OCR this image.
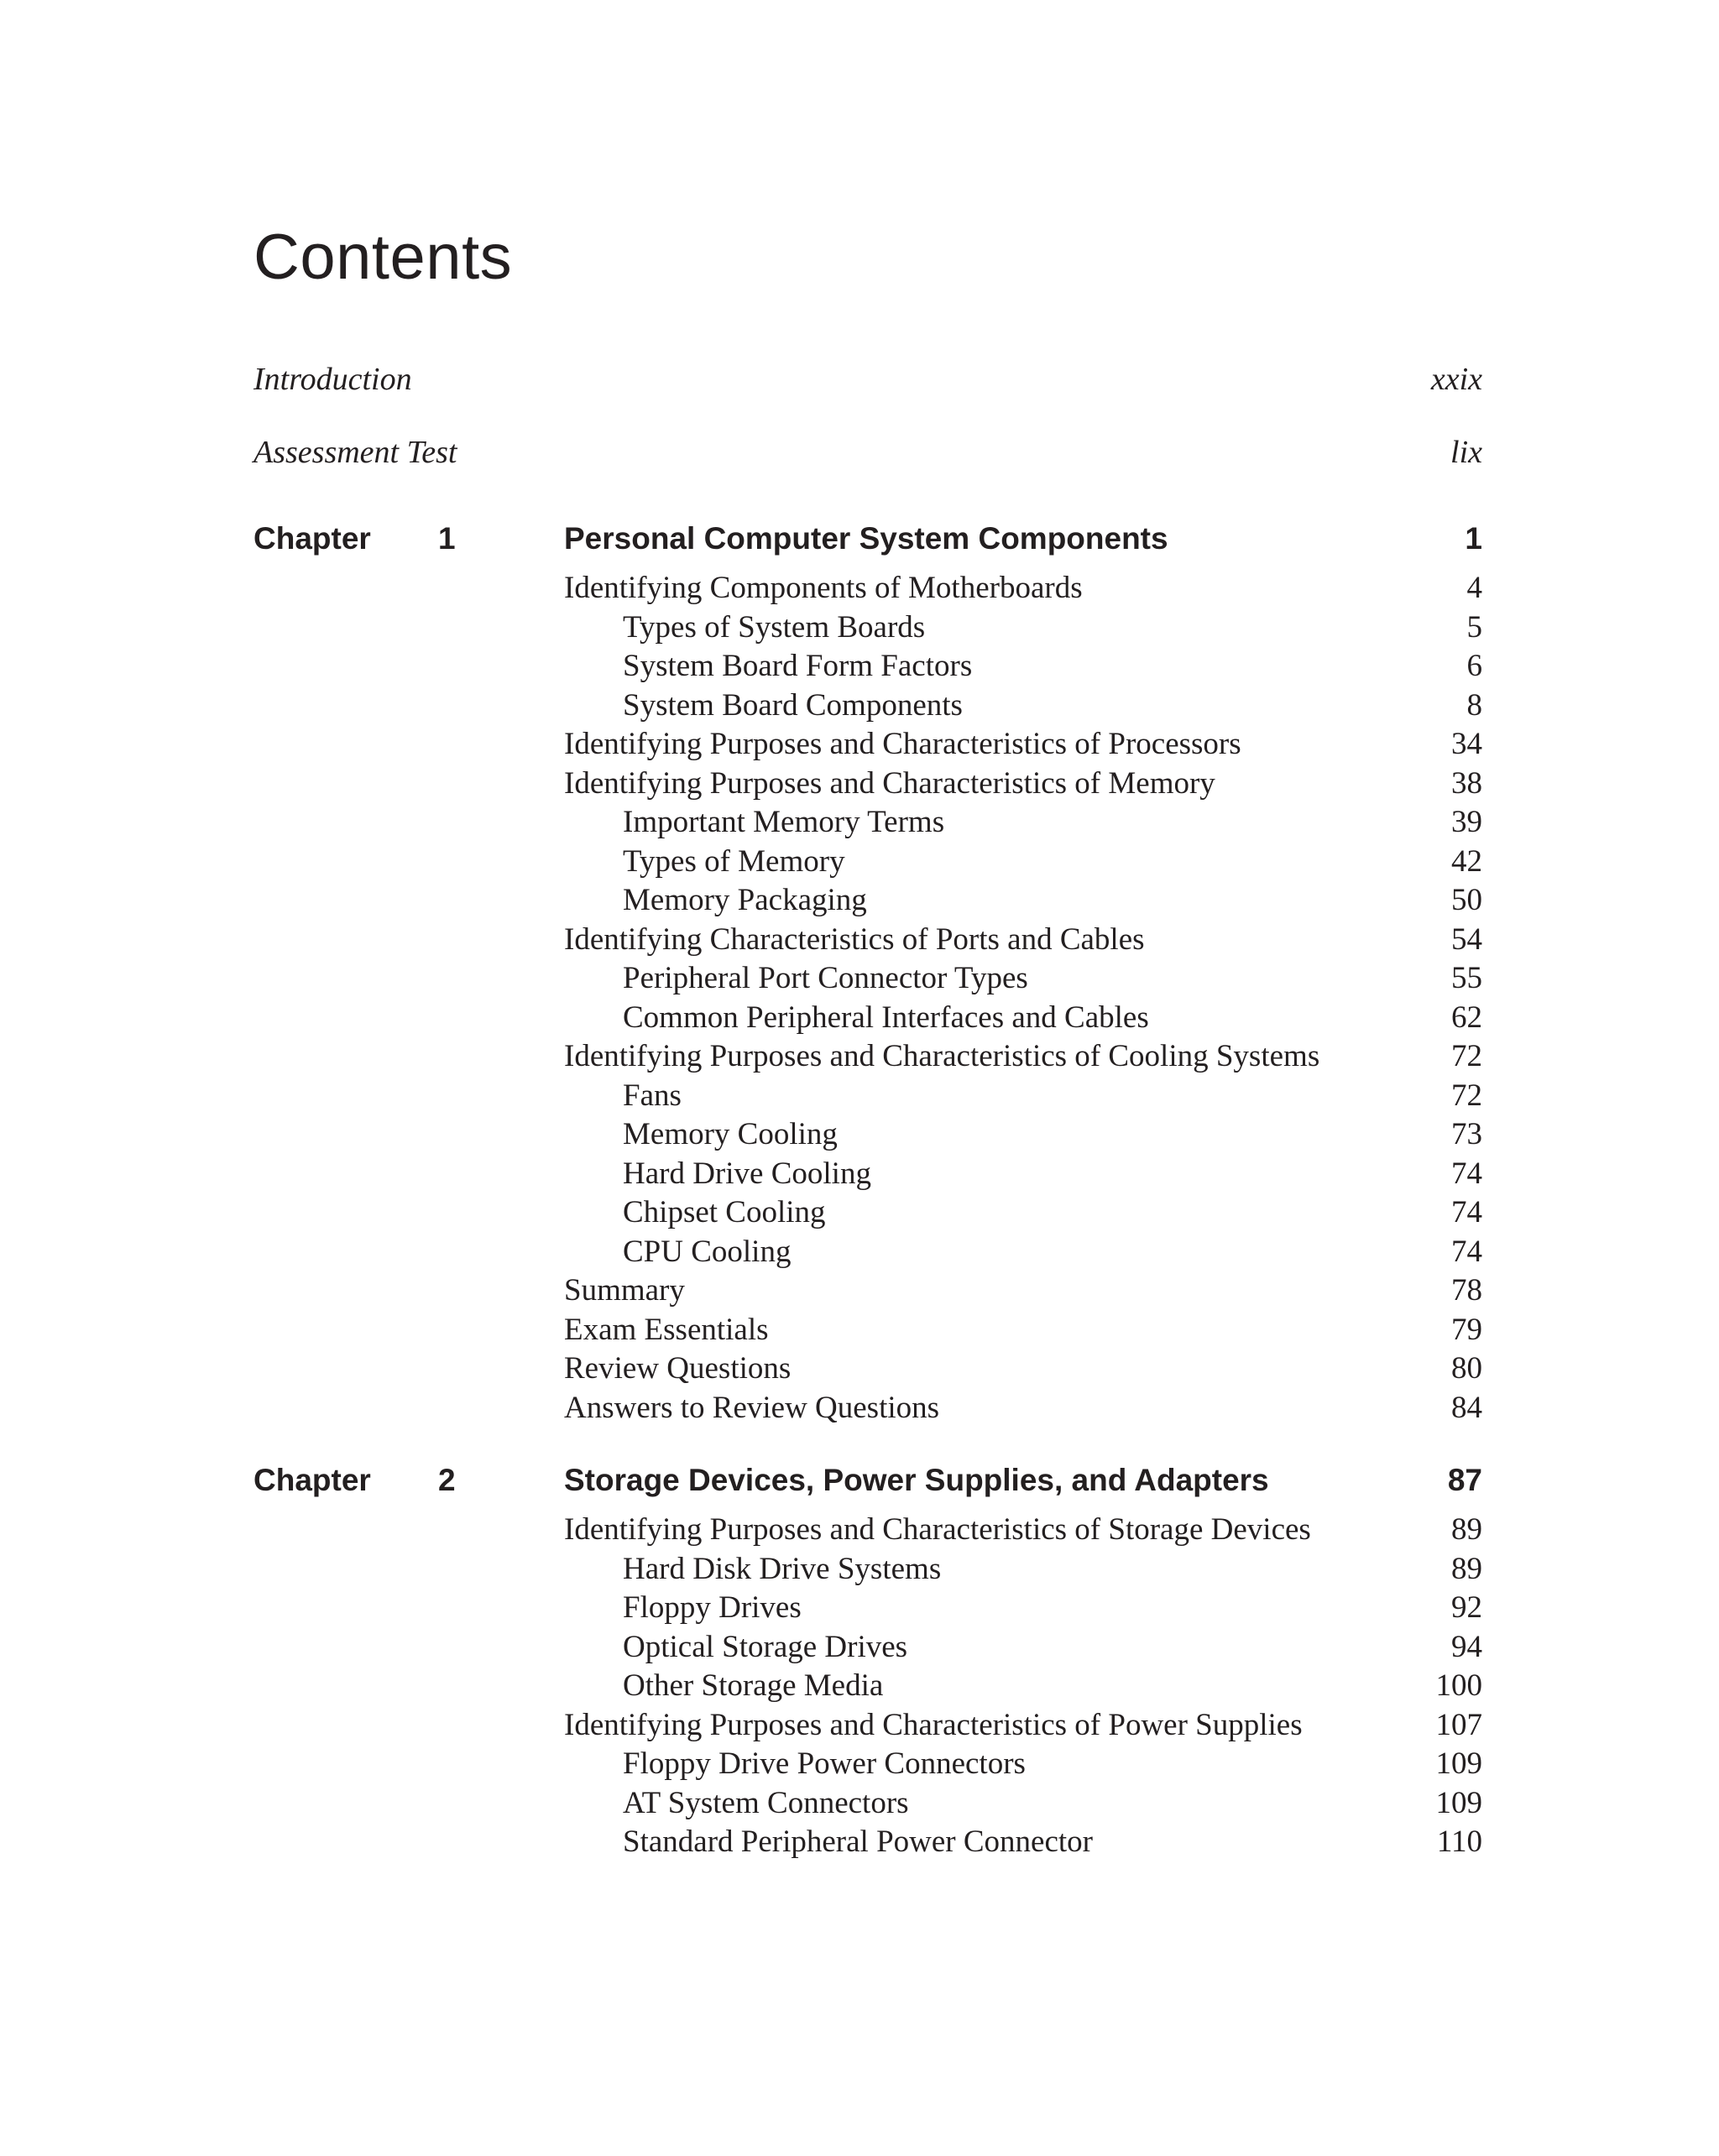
Contents
Introduction	xxix
Assessment Test	lix
Chapter 1	Personal Computer System Components	1
Identifying Components of Motherboards	4
Types of System Boards	5
System Board Form Factors	6
System Board Components	8
Identifying Purposes and Characteristics of Processors	34
Identifying Purposes and Characteristics of Memory	38
Important Memory Terms	39
Types of Memory	42
Memory Packaging	50
Identifying Characteristics of Ports and Cables	54
Peripheral Port Connector Types	55
Common Peripheral Interfaces and Cables	62
Identifying Purposes and Characteristics of Cooling Systems	72
Fans	72
Memory Cooling	73
Hard Drive Cooling	74
Chipset Cooling	74
CPU Cooling	74
Summary	78
Exam Essentials	79
Review Questions	80
Answers to Review Questions	84
Chapter 2	Storage Devices, Power Supplies, and Adapters	87
Identifying Purposes and Characteristics of Storage Devices	89
Hard Disk Drive Systems	89
Floppy Drives	92
Optical Storage Drives	94
Other Storage Media	100
Identifying Purposes and Characteristics of Power Supplies	107
Floppy Drive Power Connectors	109
AT System Connectors	109
Standard Peripheral Power Connector	110
